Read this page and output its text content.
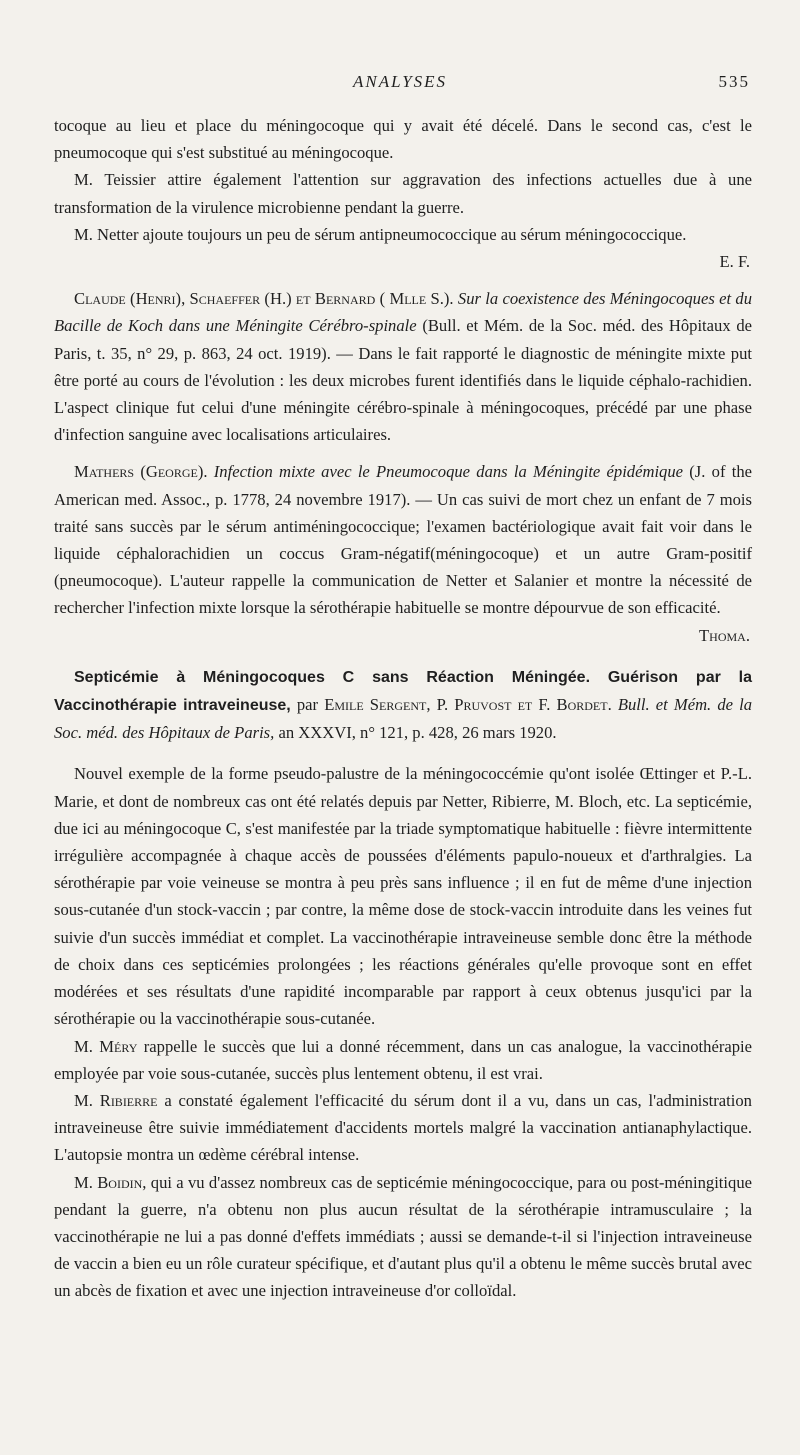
ANALYSES	535

tocoque au lieu et place du méningocoque qui y avait été décelé. Dans le second cas, c'est le pneumocoque qui s'est substitué au méningocoque.

M. Teissier attire également l'attention sur aggravation des infections actuelles due à une transformation de la virulence microbienne pendant la guerre.

M. Netter ajoute toujours un peu de sérum antipneumococcique au sérum méningococcique.

E. F.

Claude (Henri), Schaeffer (H.) et Bernard ( Mlle S.). Sur la coexistence des Méningocoques et du Bacille de Koch dans une Méningite Cérébro-spinale (Bull. et Mém. de la Soc. méd. des Hôpitaux de Paris, t. 35, n° 29, p. 863, 24 oct. 1919). — Dans le fait rapporté le diagnostic de méningite mixte put être porté au cours de l'évolution : les deux microbes furent identifiés dans le liquide céphalo-rachidien. L'aspect clinique fut celui d'une méningite cérébro-spinale à méningocoques, précédé par une phase d'infection sanguine avec localisations articulaires.

Mathers (George). Infection mixte avec le Pneumocoque dans la Méningite épidémique (J. of the American med. Assoc., p. 1778, 24 novembre 1917). — Un cas suivi de mort chez un enfant de 7 mois traité sans succès par le sérum antiméningococcique; l'examen bactériologique avait fait voir dans le liquide céphalorachidien un coccus Gram-négatif(méningocoque) et un autre Gram-positif (pneumocoque). L'auteur rappelle la communication de Netter et Salanier et montre la nécessité de rechercher l'infection mixte lorsque la sérothérapie habituelle se montre dépourvue de son efficacité.

Thoma.

Septicémie à Méningocoques C sans Réaction Méningée. Guérison par la Vaccinothérapie intraveineuse, par Emile Sergent, P. Pruvost et F. Bordet. Bull. et Mém. de la Soc. méd. des Hôpitaux de Paris, an XXXVI, n° 121, p. 428, 26 mars 1920.

Nouvel exemple de la forme pseudo-palustre de la méningococcémie qu'ont isolée Œttinger et P.-L. Marie, et dont de nombreux cas ont été relatés depuis par Netter, Ribierre, M. Bloch, etc. La septicémie, due ici au méningocoque C, s'est manifestée par la triade symptomatique habituelle : fièvre intermittente irrégulière accompagnée à chaque accès de poussées d'éléments papulo-noueux et d'arthralgies. La sérothérapie par voie veineuse se montra à peu près sans influence ; il en fut de même d'une injection sous-cutanée d'un stock-vaccin ; par contre, la même dose de stock-vaccin introduite dans les veines fut suivie d'un succès immédiat et complet. La vaccinothérapie intraveineuse semble donc être la méthode de choix dans ces septicémies prolongées ; les réactions générales qu'elle provoque sont en effet modérées et ses résultats d'une rapidité incomparable par rapport à ceux obtenus jusqu'ici par la sérothérapie ou la vaccinothérapie sous-cutanée.

M. Méry rappelle le succès que lui a donné récemment, dans un cas analogue, la vaccinothérapie employée par voie sous-cutanée, succès plus lentement obtenu, il est vrai.

M. Ribierre a constaté également l'efficacité du sérum dont il a vu, dans un cas, l'administration intraveineuse être suivie immédiatement d'accidents mortels malgré la vaccination antianaphylactique. L'autopsie montra un œdème cérébral intense.

M. Boidin, qui a vu d'assez nombreux cas de septicémie méningococcique, para ou post-méningitique pendant la guerre, n'a obtenu non plus aucun résultat de la sérothérapie intramusculaire ; la vaccinothérapie ne lui a pas donné d'effets immédiats ; aussi se demande-t-il si l'injection intraveineuse de vaccin a bien eu un rôle curateur spécifique, et d'autant plus qu'il a obtenu le même succès brutal avec un abcès de fixation et avec une injection intraveineuse d'or colloïdal.
